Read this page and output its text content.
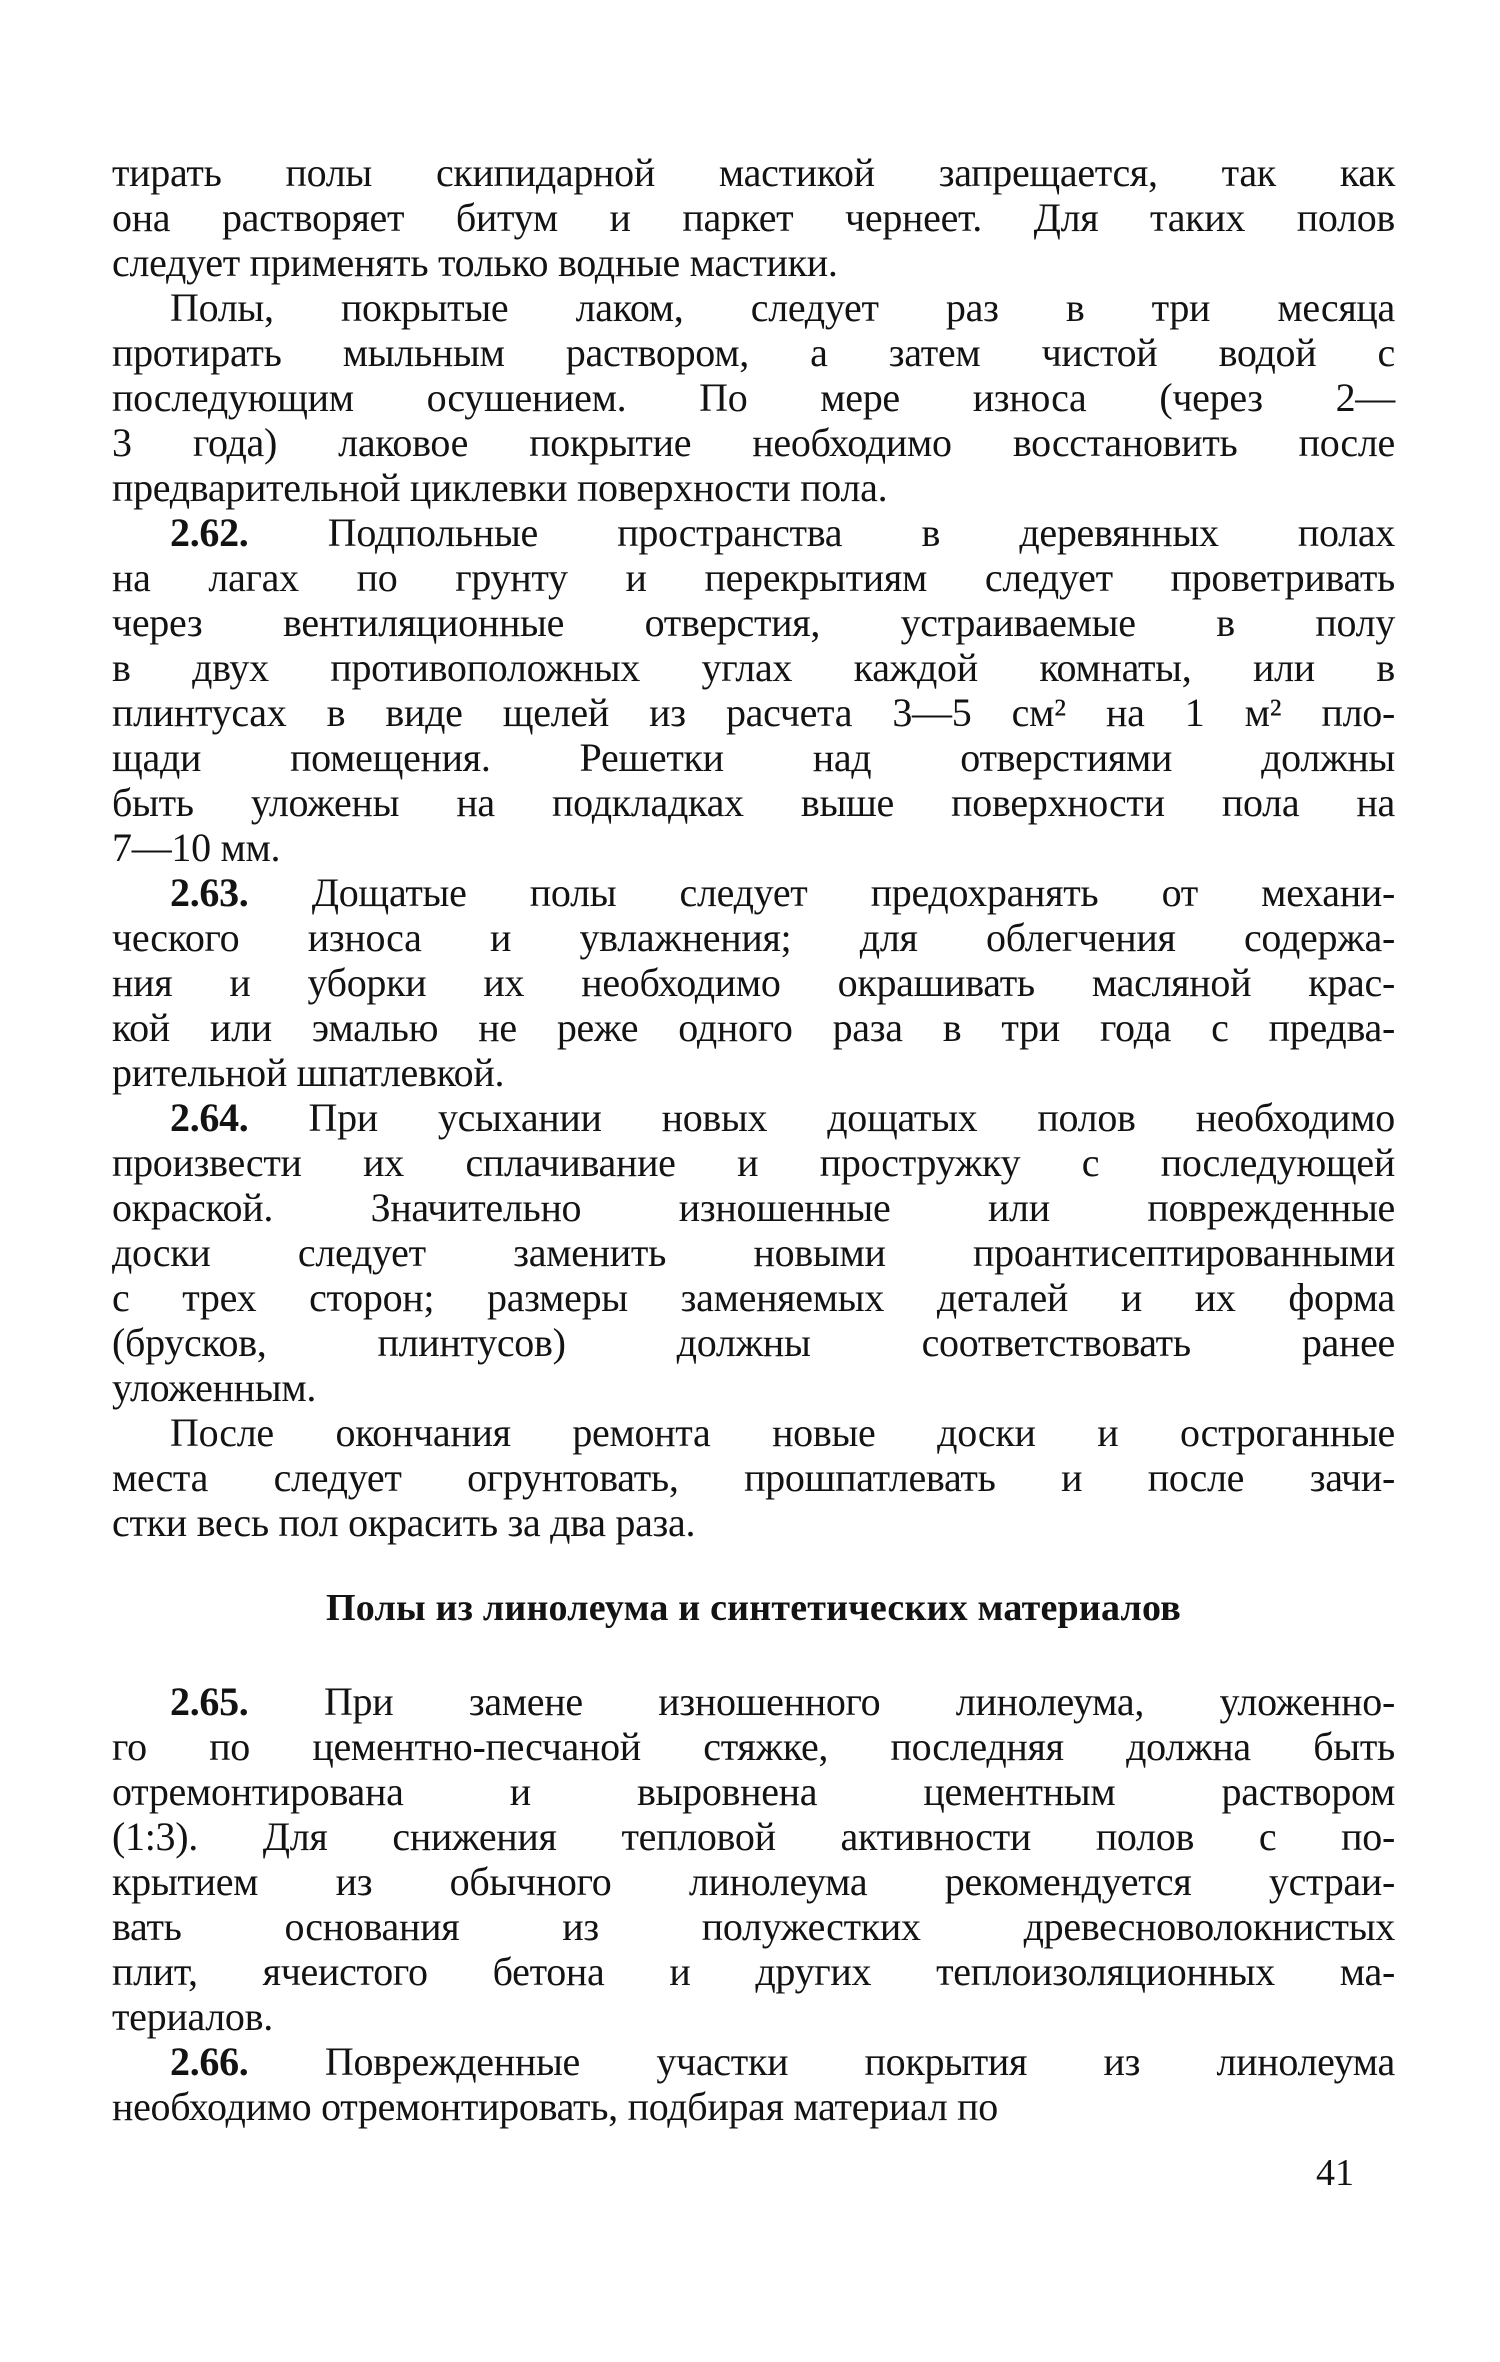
тирать полы скипидарной мастикой запрещается, так как
она растворяет битум и паркет чернеет. Для таких полов
следует применять только водные мастики.

Полы, покрытые лаком, следует раз в три месяца
протирать мыльным раствором, а затем чистой водой с
последующим осушением. По мере износа (через 2—
3 года) лаковое покрытие необходимо восстановить после
предварительной циклевки поверхности пола.

2.62. Подпольные пространства в деревянных полах
на лагах по грунту и перекрытиям следует проветривать
через вентиляционные отверстия, устраиваемые в полу
в двух противоположных углах каждой комнаты, или в
плинтусах в виде щелей из расчета 3—5 см² на 1 м² пло-
щади помещения. Решетки над отверстиями должны
быть уложены на подкладках выше поверхности пола на
7—10 мм.

2.63. Дощатые полы следует предохранять от механи-
ческого износа и увлажнения; для облегчения содержа-
ния и уборки их необходимо окрашивать масляной крас-
кой или эмалью не реже одного раза в три года с предва-
рительной шпатлевкой.

2.64. При усыхании новых дощатых полов необходимо
произвести их сплачивание и простружку с последующей
окраской. Значительно изношенные или поврежденные
доски следует заменить новыми проантисептированными
с трех сторон; размеры заменяемых деталей и их форма
(брусков, плинтусов) должны соответствовать ранее
уложенным.

После окончания ремонта новые доски и остроганные
места следует огрунтовать, прошпатлевать и после зачи-
стки весь пол окрасить за два раза.

Полы из линолеума и синтетических материалов

2.65. При замене изношенного линолеума, уложенно-
го по цементно-песчаной стяжке, последняя должна быть
отремонтирована и выровнена цементным раствором
(1:3). Для снижения тепловой активности полов с по-
крытием из обычного линолеума рекомендуется устраи-
вать основания из полужестких древесноволокнистых
плит, ячеистого бетона и других теплоизоляционных ма-
териалов.

2.66. Поврежденные участки покрытия из линолеума
необходимо отремонтировать, подбирая материал по

41
